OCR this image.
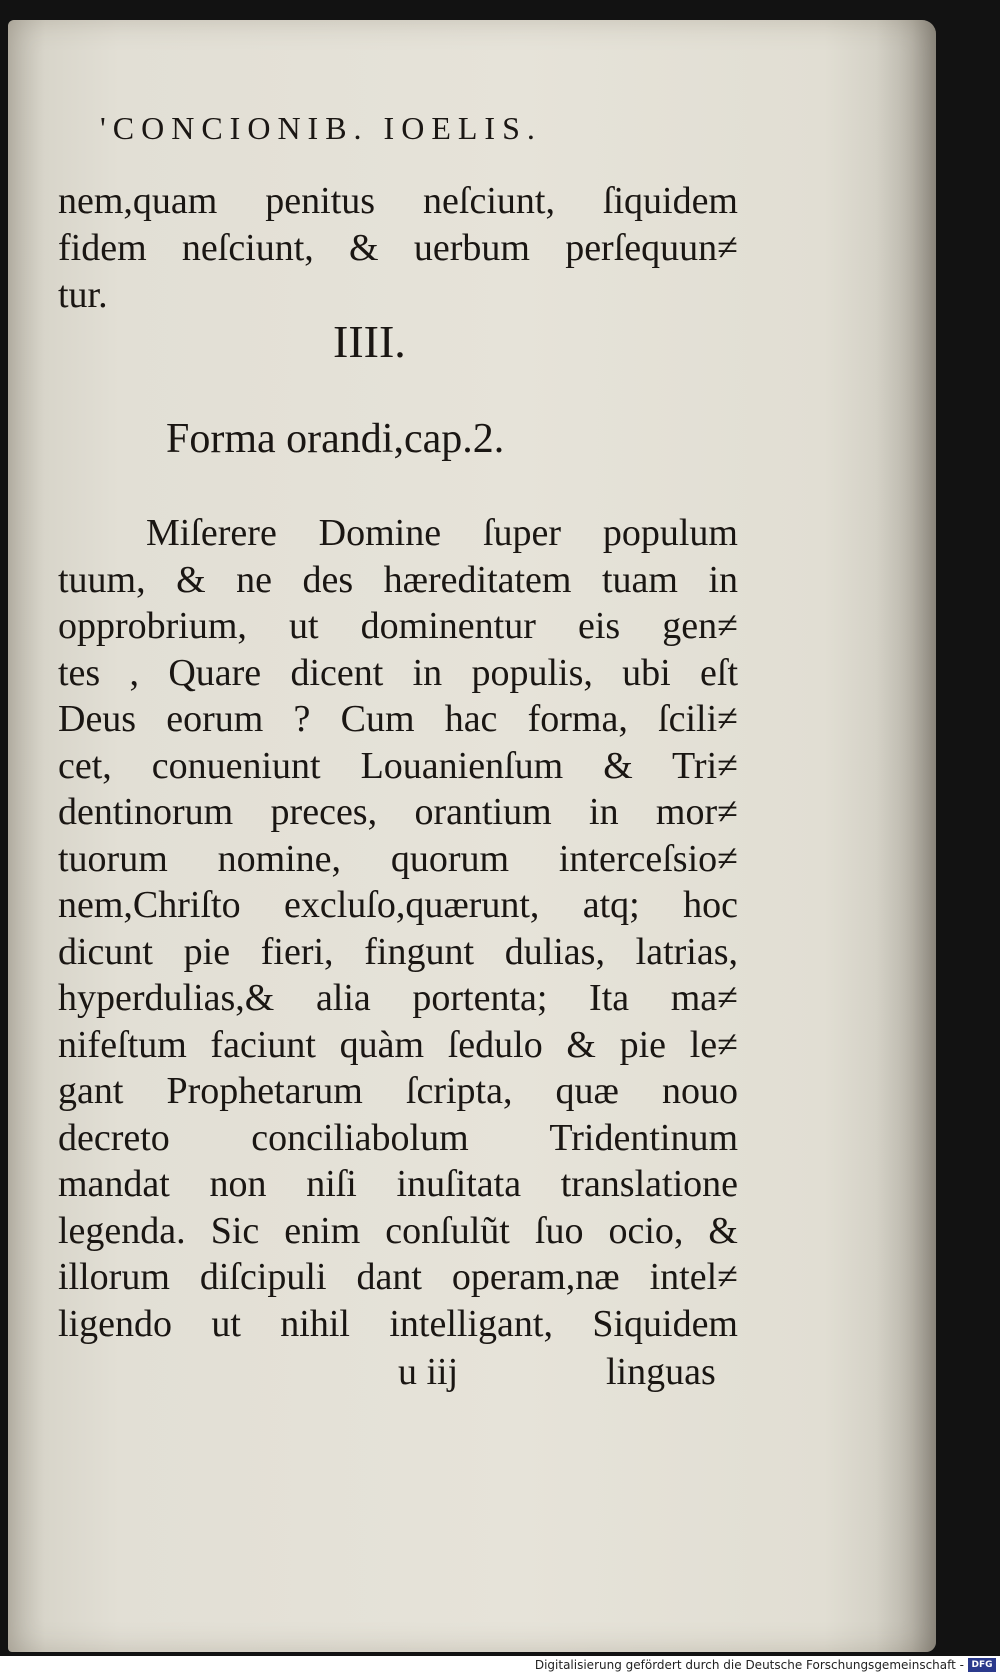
'CONCIONIB. IOELIS.
nem,quam penitus neſciunt, ſiquidem
fidem neſciunt, & uerbum perſequun≠
tur.
IIII.
Forma orandi,cap.2.
Miſerere Domine ſuper populum
tuum, & ne des hæreditatem tuam in
opprobrium, ut dominentur eis gen≠
tes , Quare dicent in populis, ubi eſt
Deus eorum ? Cum hac forma, ſcili≠
cet, conueniunt Louanienſum & Tri≠
dentinorum preces, orantium in mor≠
tuorum nomine, quorum interceſsio≠
nem,Chriſto excluſo,quærunt, atq; hoc
dicunt pie fieri, fingunt dulias, latrias,
hyperdulias,& alia portenta; Ita ma≠
nifeſtum faciunt quàm ſedulo & pie le≠
gant Prophetarum ſcripta, quæ nouo
decreto conciliabolum Tridentinum
mandat non niſi inuſitata translatione
legenda. Sic enim conſulũt ſuo ocio, &
illorum diſcipuli dant operam,næ intel≠
ligendo ut nihil intelligant, Siquidem
u iij	linguas
Digitalisierung gefördert durch die Deutsche Forschungsgemeinschaft - DFG
